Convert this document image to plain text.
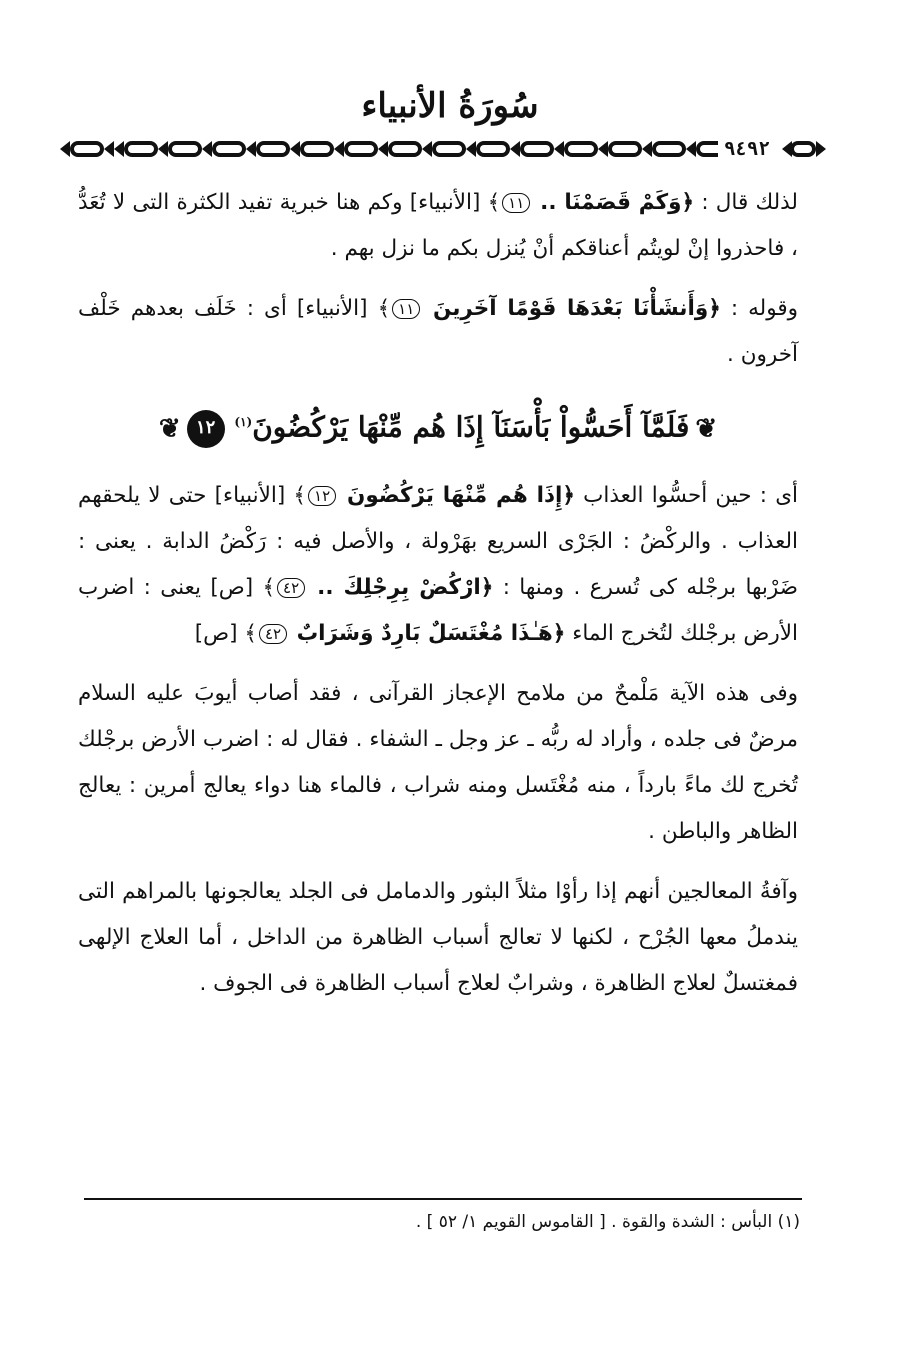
سُورَةُ الأنبياء
٩٤٩٢

لذلك قال : ﴿وَكَمْ قَصَمْنَا .. ١١﴾ [الأنبياء] وكم هنا خبرية تفيد الكثرة التى لا تُعَدُّ ، فاحذروا إنْ لويتُم أعناقكم أنْ يُنزل بكم ما نزل بهم .

وقوله : ﴿وَأَنشَأْنَا بَعْدَهَا قَوْمًا آخَرِينَ ١١﴾ [الأنبياء] أى : خَلَف بعدهم خَلْف آخرون .

❦فَلَمَّآ أَحَسُّواْ بَأْسَنَآ إِذَا هُم مِّنْهَا يَرْكُضُونَ$^{(١)}$ ١٢❦

أى : حين أحسُّوا العذاب ﴿إِذَا هُم مِّنْهَا يَرْكُضُونَ ١٢﴾ [الأنبياء] حتى لا يلحقهم العذاب . والركْضُ : الجَرْى السريع بهَرْولة ، والأصل فيه : رَكْضُ الدابة . يعنى : ضَرْبها برجْله كى تُسرع . ومنها : ﴿ارْكُضْ بِرِجْلِكَ .. ٤٢﴾ [ص] يعنى : اضرب الأرض برجْلك لتُخرج الماء ﴿هَـٰذَا مُغْتَسَلٌ بَارِدٌ وَشَرَابٌ ٤٢﴾ [ص]

وفى هذه الآية مَلْمحٌ من ملامح الإعجاز القرآنى ، فقد أصاب أيوبَ عليه السلام مرضٌ فى جلده ، وأراد له ربُّه ـ عز وجل ـ الشفاء . فقال له : اضرب الأرض برجْلك تُخرج لك ماءً بارداً ، منه مُغْتَسل ومنه شراب ، فالماء هنا دواء يعالج أمرين : يعالج الظاهر والباطن .

وآفةُ المعالجين أنهم إذا رأوْا مثلاً البثور والدمامل فى الجلد يعالجونها بالمراهم التى يندملُ معها الجُرْح ، لكنها لا تعالج أسباب الظاهرة من الداخل ، أما العلاج الإلهى فمغتسلٌ لعلاج الظاهرة ، وشرابٌ لعلاج أسباب الظاهرة فى الجوف .

(١) البأس : الشدة والقوة . [ القاموس القويم ١/ ٥٢ ] .
